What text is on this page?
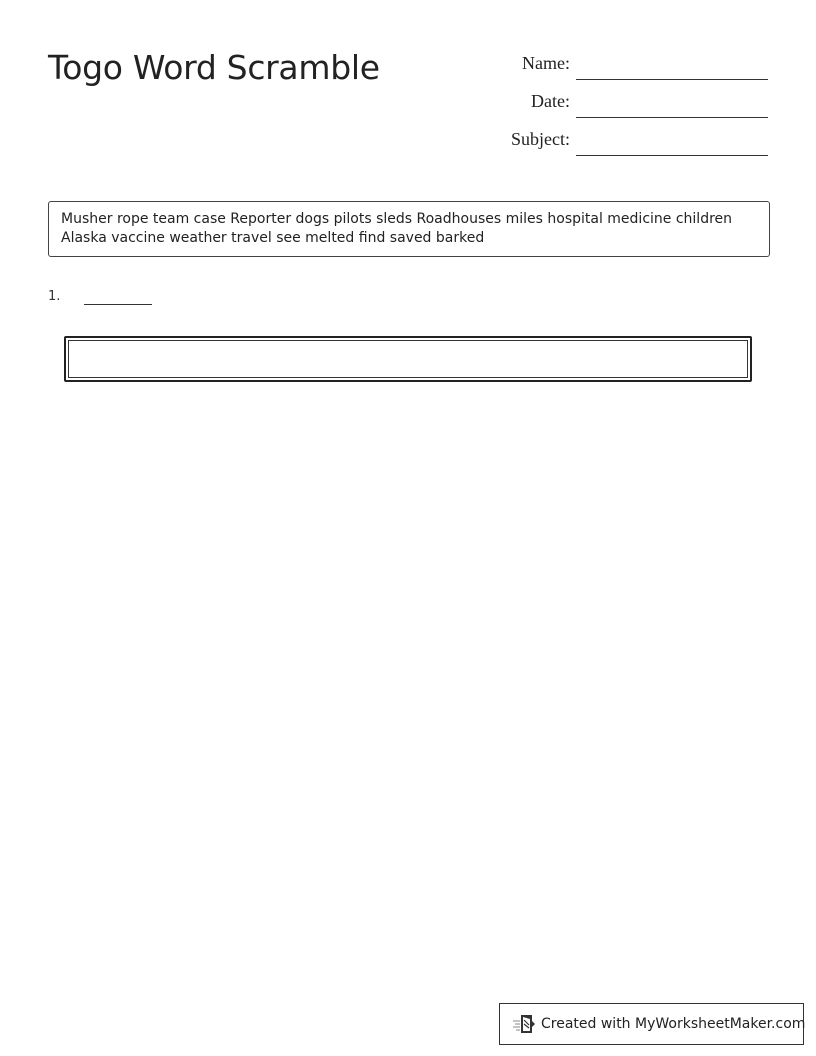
Togo Word Scramble	Name:
Date:
Subject:
Musher rope team case Reporter dogs pilots sleds Roadhouses miles hospital medicine children Alaska vaccine weather travel see melted find saved barked
1.
Created with MyWorksheetMaker.com
